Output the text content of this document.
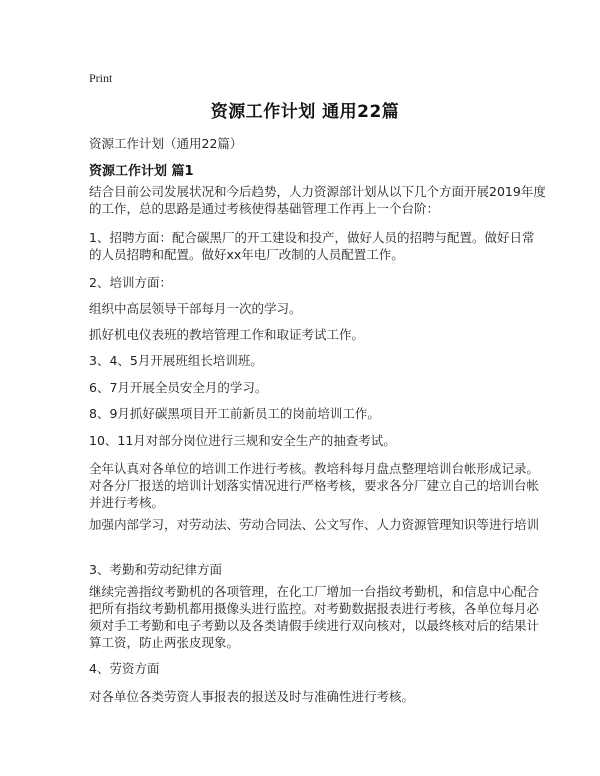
Print
资源工作计划 通用22篇
资源工作计划（通用22篇）
资源工作计划 篇1
结合目前公司发展状况和今后趋势，人力资源部计划从以下几个方面开展2019年度
的工作，总的思路是通过考核使得基础管理工作再上一个台阶：
1、招聘方面：配合碳黑厂的开工建设和投产，做好人员的招聘与配置。做好日常
的人员招聘和配置。做好xx年电厂改制的人员配置工作。
2、培训方面：
组织中高层领导干部每月一次的学习。
抓好机电仪表班的教培管理工作和取证考试工作。
3、4、5月开展班组长培训班。
6、7月开展全员安全月的学习。
8、9月抓好碳黑项目开工前新员工的岗前培训工作。
10、11月对部分岗位进行三规和安全生产的抽查考试。
全年认真对各单位的培训工作进行考核。教培科每月盘点整理培训台帐形成记录。
对各分厂报送的培训计划落实情况进行严格考核，要求各分厂建立自己的培训台帐
并进行考核。
加强内部学习，对劳动法、劳动合同法、公文写作、人力资源管理知识等进行培训
3、考勤和劳动纪律方面
继续完善指纹考勤机的各项管理，在化工厂增加一台指纹考勤机，和信息中心配合
把所有指纹考勤机都用摄像头进行监控。对考勤数据报表进行考核，各单位每月必
须对手工考勤和电子考勤以及各类请假手续进行双向核对，以最终核对后的结果计
算工资，防止两张皮现象。
4、劳资方面
对各单位各类劳资人事报表的报送及时与准确性进行考核。
